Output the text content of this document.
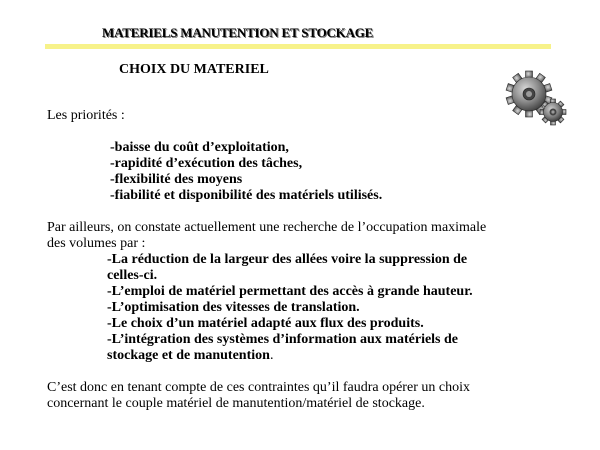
MATERIELS MANUTENTION ET STOCKAGE
CHOIX DU MATERIEL
Les priorités :
-baisse du coût d’exploitation,
-rapidité d’exécution des tâches,
-flexibilité des moyens
-fiabilité et disponibilité des matériels utilisés.
Par ailleurs, on constate actuellement une recherche de l’occupation maximale
des volumes par :
-La réduction de la largeur des allées voire la suppression de
celles-ci.
-L’emploi de matériel permettant des accès à grande hauteur.
-L’optimisation des vitesses de translation.
-Le choix d’un matériel adapté aux flux des produits.
-L’intégration des systèmes d’information aux matériels de
stockage et de manutention.
C’est donc en tenant compte de ces contraintes qu’il faudra opérer un choix
concernant le couple matériel de manutention/matériel de stockage.
